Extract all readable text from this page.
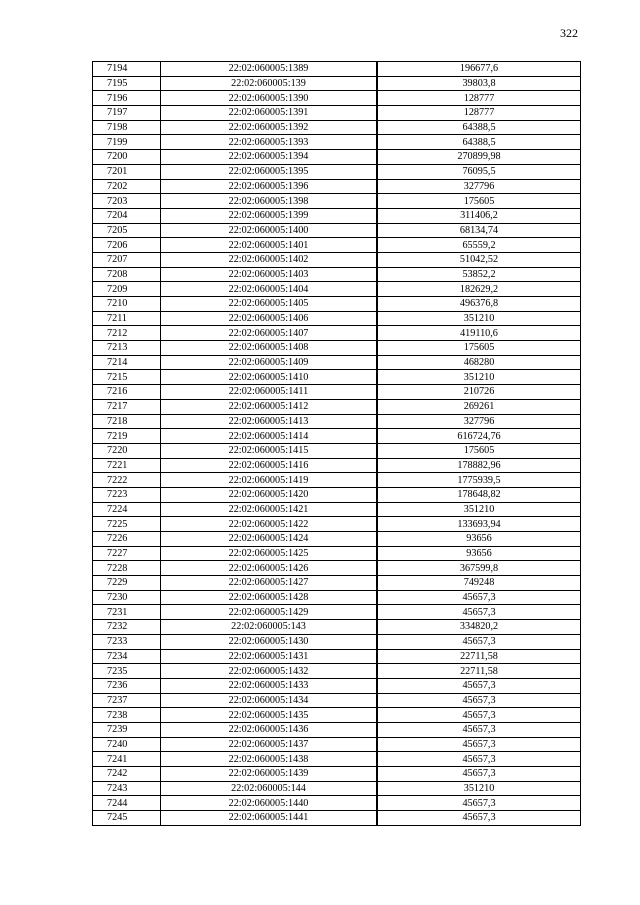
322
7194	22:02:060005:1389	196677,6
7195	22:02:060005:139	39803,8
7196	22:02:060005:1390	128777
7197	22:02:060005:1391	128777
7198	22:02:060005:1392	64388,5
7199	22:02:060005:1393	64388,5
7200	22:02:060005:1394	270899,98
7201	22:02:060005:1395	76095,5
7202	22:02:060005:1396	327796
7203	22:02:060005:1398	175605
7204	22:02:060005:1399	311406,2
7205	22:02:060005:1400	68134,74
7206	22:02:060005:1401	65559,2
7207	22:02:060005:1402	51042,52
7208	22:02:060005:1403	53852,2
7209	22:02:060005:1404	182629,2
7210	22:02:060005:1405	496376,8
7211	22:02:060005:1406	351210
7212	22:02:060005:1407	419110,6
7213	22:02:060005:1408	175605
7214	22:02:060005:1409	468280
7215	22:02:060005:1410	351210
7216	22:02:060005:1411	210726
7217	22:02:060005:1412	269261
7218	22:02:060005:1413	327796
7219	22:02:060005:1414	616724,76
7220	22:02:060005:1415	175605
7221	22:02:060005:1416	178882,96
7222	22:02:060005:1419	1775939,5
7223	22:02:060005:1420	178648,82
7224	22:02:060005:1421	351210
7225	22:02:060005:1422	133693,94
7226	22:02:060005:1424	93656
7227	22:02:060005:1425	93656
7228	22:02:060005:1426	367599,8
7229	22:02:060005:1427	749248
7230	22:02:060005:1428	45657,3
7231	22:02:060005:1429	45657,3
7232	22:02:060005:143	334820,2
7233	22:02:060005:1430	45657,3
7234	22:02:060005:1431	22711,58
7235	22:02:060005:1432	22711,58
7236	22:02:060005:1433	45657,3
7237	22:02:060005:1434	45657,3
7238	22:02:060005:1435	45657,3
7239	22:02:060005:1436	45657,3
7240	22:02:060005:1437	45657,3
7241	22:02:060005:1438	45657,3
7242	22:02:060005:1439	45657,3
7243	22:02:060005:144	351210
7244	22:02:060005:1440	45657,3
7245	22:02:060005:1441	45657,3
